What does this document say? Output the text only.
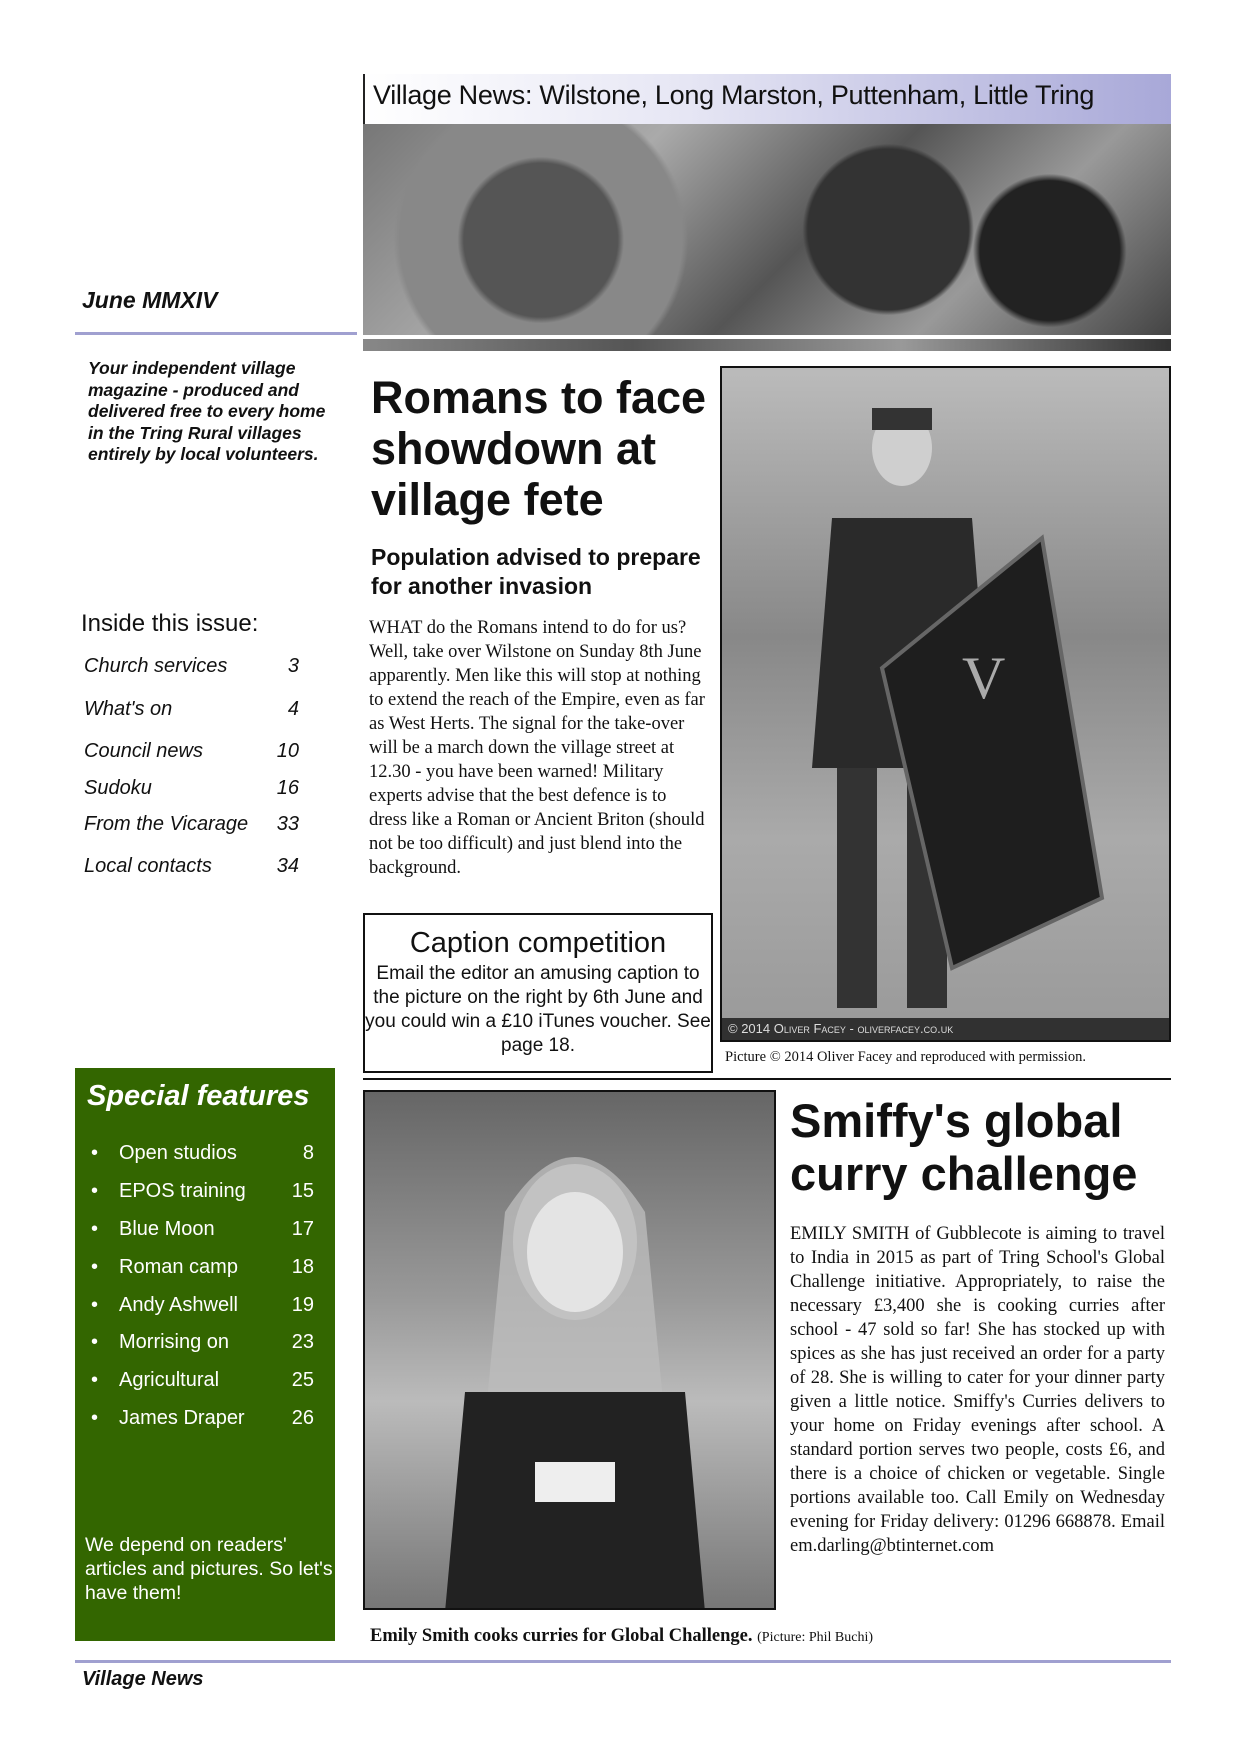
Village News: Wilstone, Long Marston, Puttenham, Little Tring
June MMXIV
Your independent village magazine - produced and delivered free to every home in the Tring Rural villages entirely by local volunteers.
Inside this issue:
Church services	3
What's on	4
Council news	10
Sudoku	16
From the Vicarage 33
Local contacts	34
Special features
•	Open studios	8
•	EPOS training	15
•	Blue Moon	17
•	Roman camp	18
•	Andy Ashwell	19
•	Morrising on	23
•	Agricultural	25
•	James Draper	26

We depend on readers' articles and pictures. So let's have them!

Romans to face showdown at village fete
Population advised to prepare for another invasion
WHAT do the Romans intend to do for us? Well, take over Wilstone on Sunday 8th June apparently. Men like this will stop at nothing to extend the reach of the Empire, even as far as West Herts. The signal for the take-over will be a march down the village street at 12.30 - you have been warned! Military experts advise that the best defence is to dress like a Roman or Ancient Briton (should not be too difficult) and just blend into the background.
Caption competition

Email the editor an amusing caption to the picture on the right by 6th June and you could win a £10 iTunes voucher. See page 18.

V
© 2014 Oliver Facey - oliverfacey.co.uk
Picture © 2014 Oliver Facey and reproduced with permission.
Smiffy's global curry challenge
EMILY SMITH of Gubblecote is aiming to travel to India in 2015 as part of Tring School's Global Challenge initiative. Appropriately, to raise the necessary £3,400 she is cooking curries after school - 47 sold so far! She has stocked up with spices as she has just received an order for a party of 28. She is willing to cater for your dinner party given a little notice. Smiffy's Curries delivers to your home on Friday evenings after school. A standard portion serves two people, costs £6, and there is a choice of chicken or vegetable. Single portions available too. Call Emily on Wednesday evening for Friday delivery: 01296 668878. Email em.darling@btinternet.com
Emily Smith cooks curries for Global Challenge. (Picture: Phil Buchi)
Village News
